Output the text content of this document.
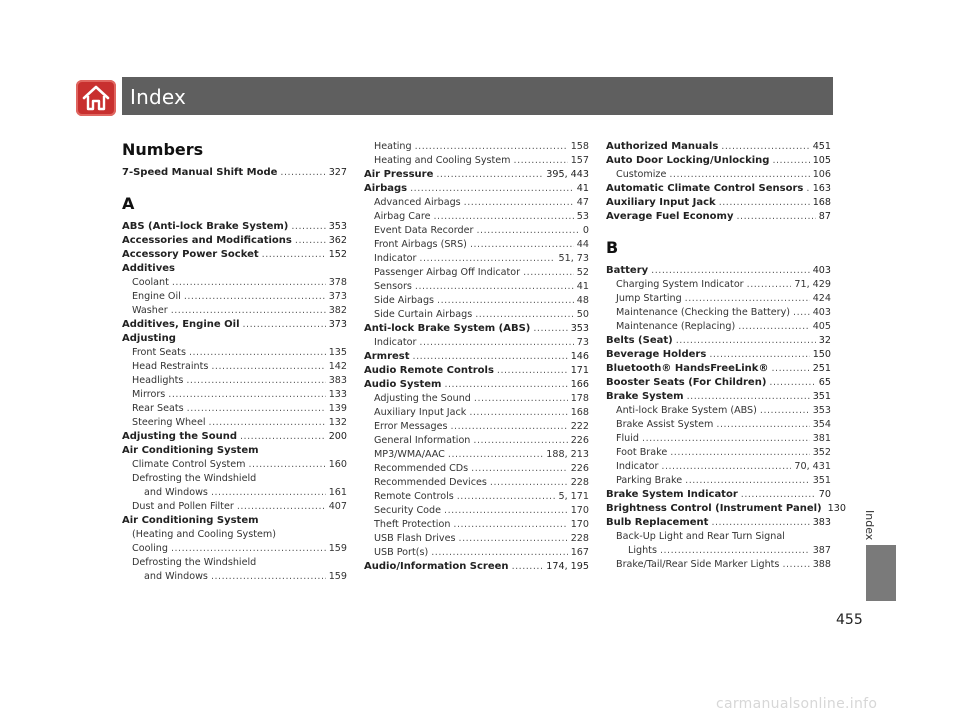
Index
Numbers
7-Speed Manual Shift Mode .....	327
A
ABS (Anti-lock Brake System) .....	353
Accessories and Modifications .....	362
Accessory Power Socket .....	152
Additives
Coolant .....	378
Engine Oil .....	373
Washer .....	382
Additives, Engine Oil .....	373
Adjusting
Front Seats .....	135
Head Restraints .....	142
Headlights .....	383
Mirrors .....	133
Rear Seats .....	139
Steering Wheel .....	132
Adjusting the Sound .....	200
Air Conditioning System
Climate Control System .....	160
Defrosting the Windshield
and Windows .....	161
Dust and Pollen Filter .....	407
Air Conditioning System
(Heating and Cooling System)
Cooling .....	159
Defrosting the Windshield
and Windows .....	159
Heating .....	158
Heating and Cooling System .....	157
Air Pressure .....	395, 443
Airbags .....	41
Advanced Airbags .....	47
Airbag Care .....	53
Event Data Recorder .....	0
Front Airbags (SRS) .....	44
Indicator .....	51, 73
Passenger Airbag Off Indicator .....	52
Sensors .....	41
Side Airbags .....	48
Side Curtain Airbags .....	50
Anti-lock Brake System (ABS) .....	353
Indicator .....	73
Armrest .....	146
Audio Remote Controls .....	171
Audio System .....	166
Adjusting the Sound .....	178
Auxiliary Input Jack .....	168
Error Messages .....	222
General Information .....	226
MP3/WMA/AAC .....	188, 213
Recommended CDs .....	226
Recommended Devices .....	228
Remote Controls .....	5, 171
Security Code .....	170
Theft Protection .....	170
USB Flash Drives .....	228
USB Port(s) .....	167
Audio/Information Screen .....	174, 195
Authorized Manuals .....	451
Auto Door Locking/Unlocking .....	105
Customize .....	106
Automatic Climate Control Sensors ..... 163
Auxiliary Input Jack .....	168
Average Fuel Economy .....	87
B
Battery .....	403
Charging System Indicator .....	71, 429
Jump Starting .....	424
Maintenance (Checking the Battery) ..... 403
Maintenance (Replacing) .....	405
Belts (Seat) .....	32
Beverage Holders .....	150
Bluetooth® HandsFreeLink® .....	251
Booster Seats (For Children) .....	65
Brake System .....	351
Anti-lock Brake System (ABS) .....	353
Brake Assist System .....	354
Fluid .....	381
Foot Brake .....	352
Indicator .....	70, 431
Parking Brake .....	351
Brake System Indicator .....	70
Brightness Control (Instrument Panel) 130
Bulb Replacement .....	383
Back-Up Light and Rear Turn Signal
Lights .....	387
Brake/Tail/Rear Side Marker Lights .....	388
Index
455
carmanualsonline.info
